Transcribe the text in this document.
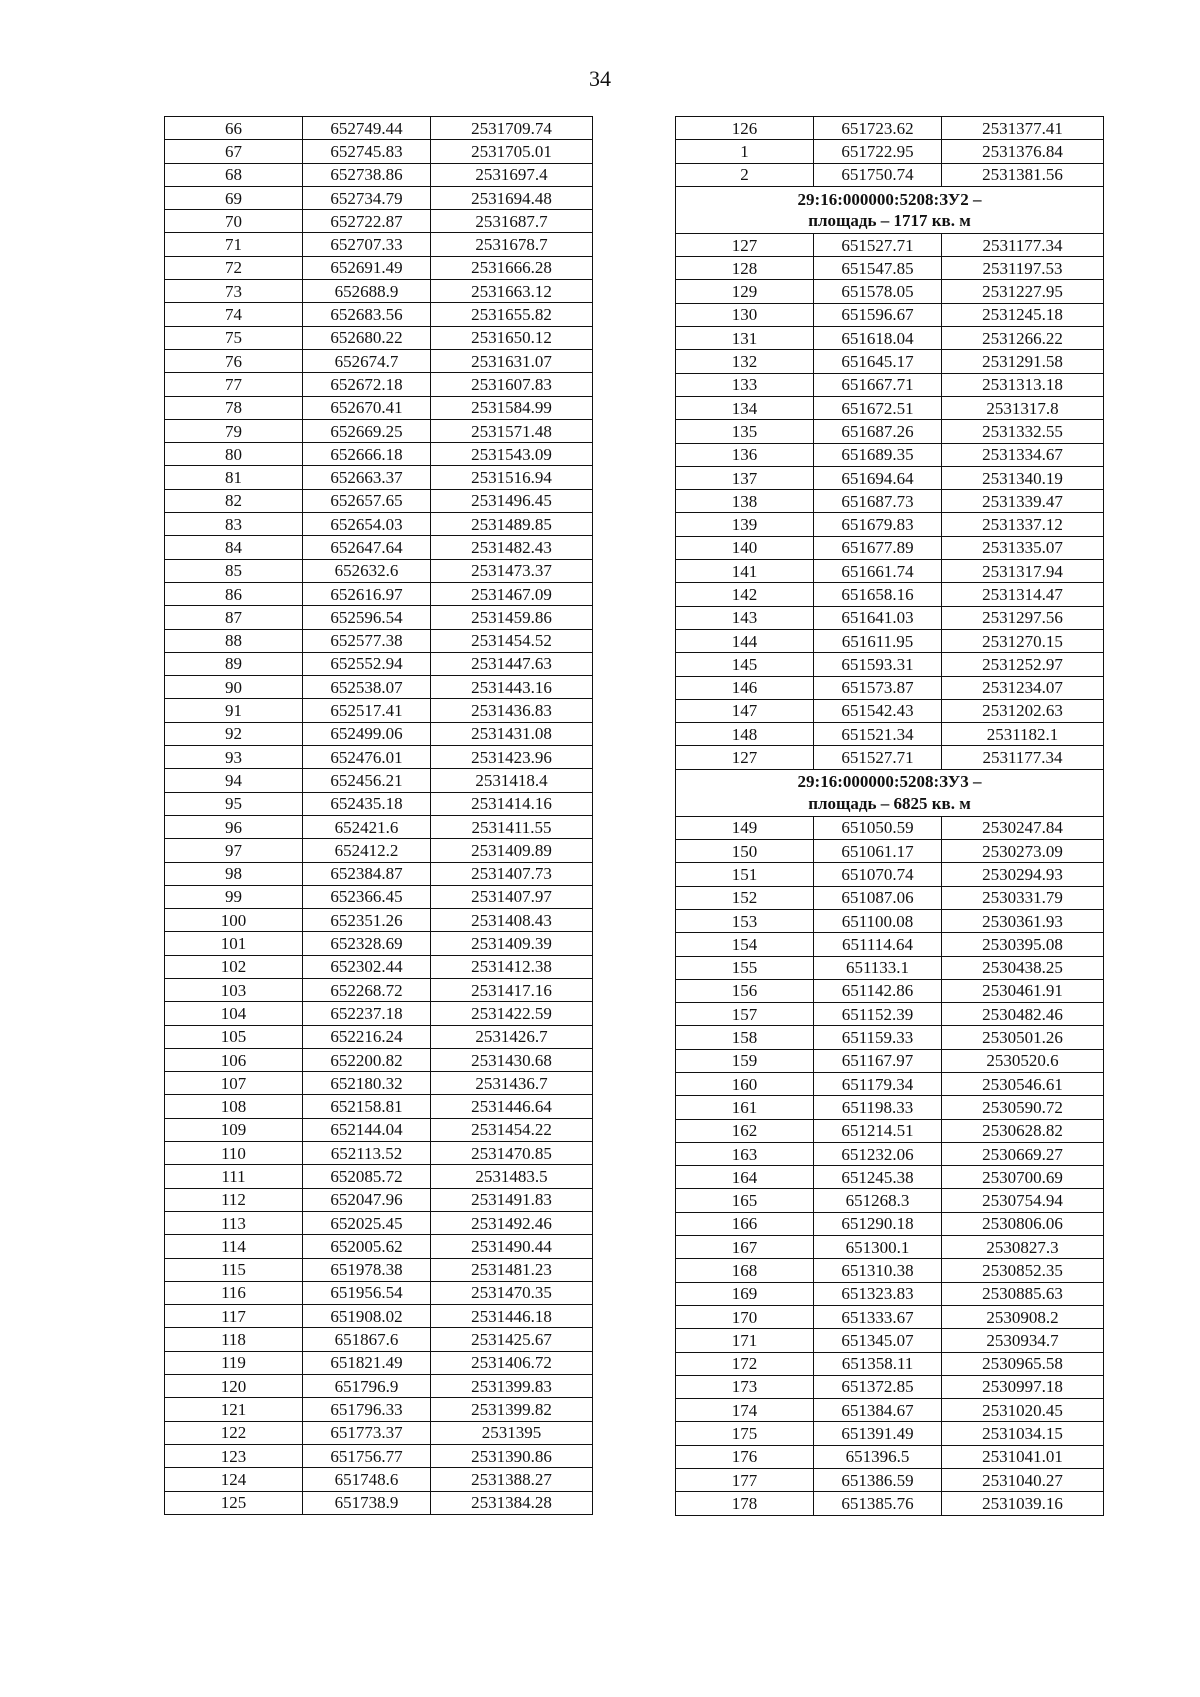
34
66	652749.44	2531709.74
67	652745.83	2531705.01
68	652738.86	2531697.4
69	652734.79	2531694.48
70	652722.87	2531687.7
71	652707.33	2531678.7
72	652691.49	2531666.28
73	652688.9	2531663.12
74	652683.56	2531655.82
75	652680.22	2531650.12
76	652674.7	2531631.07
77	652672.18	2531607.83
78	652670.41	2531584.99
79	652669.25	2531571.48
80	652666.18	2531543.09
81	652663.37	2531516.94
82	652657.65	2531496.45
83	652654.03	2531489.85
84	652647.64	2531482.43
85	652632.6	2531473.37
86	652616.97	2531467.09
87	652596.54	2531459.86
88	652577.38	2531454.52
89	652552.94	2531447.63
90	652538.07	2531443.16
91	652517.41	2531436.83
92	652499.06	2531431.08
93	652476.01	2531423.96
94	652456.21	2531418.4
95	652435.18	2531414.16
96	652421.6	2531411.55
97	652412.2	2531409.89
98	652384.87	2531407.73
99	652366.45	2531407.97
100	652351.26	2531408.43
101	652328.69	2531409.39
102	652302.44	2531412.38
103	652268.72	2531417.16
104	652237.18	2531422.59
105	652216.24	2531426.7
106	652200.82	2531430.68
107	652180.32	2531436.7
108	652158.81	2531446.64
109	652144.04	2531454.22
110	652113.52	2531470.85
111	652085.72	2531483.5
112	652047.96	2531491.83
113	652025.45	2531492.46
114	652005.62	2531490.44
115	651978.38	2531481.23
116	651956.54	2531470.35
117	651908.02	2531446.18
118	651867.6	2531425.67
119	651821.49	2531406.72
120	651796.9	2531399.83
121	651796.33	2531399.82
122	651773.37	2531395
123	651756.77	2531390.86
124	651748.6	2531388.27
125	651738.9	2531384.28
126	651723.62	2531377.41
1	651722.95	2531376.84
2	651750.74	2531381.56

29:16:000000:5208:ЗУ2 –
площадь – 1717 кв. м		

127	651527.71	2531177.34
128	651547.85	2531197.53
129	651578.05	2531227.95
130	651596.67	2531245.18
131	651618.04	2531266.22
132	651645.17	2531291.58
133	651667.71	2531313.18
134	651672.51	2531317.8
135	651687.26	2531332.55
136	651689.35	2531334.67
137	651694.64	2531340.19
138	651687.73	2531339.47
139	651679.83	2531337.12
140	651677.89	2531335.07
141	651661.74	2531317.94
142	651658.16	2531314.47
143	651641.03	2531297.56
144	651611.95	2531270.15
145	651593.31	2531252.97
146	651573.87	2531234.07
147	651542.43	2531202.63
148	651521.34	2531182.1
127	651527.71	2531177.34

29:16:000000:5208:ЗУ3 –
площадь – 6825 кв. м		

149	651050.59	2530247.84
150	651061.17	2530273.09
151	651070.74	2530294.93
152	651087.06	2530331.79
153	651100.08	2530361.93
154	651114.64	2530395.08
155	651133.1	2530438.25
156	651142.86	2530461.91
157	651152.39	2530482.46
158	651159.33	2530501.26
159	651167.97	2530520.6
160	651179.34	2530546.61
161	651198.33	2530590.72
162	651214.51	2530628.82
163	651232.06	2530669.27
164	651245.38	2530700.69
165	651268.3	2530754.94
166	651290.18	2530806.06
167	651300.1	2530827.3
168	651310.38	2530852.35
169	651323.83	2530885.63
170	651333.67	2530908.2
171	651345.07	2530934.7
172	651358.11	2530965.58
173	651372.85	2530997.18
174	651384.67	2531020.45
175	651391.49	2531034.15
176	651396.5	2531041.01
177	651386.59	2531040.27
178	651385.76	2531039.16
